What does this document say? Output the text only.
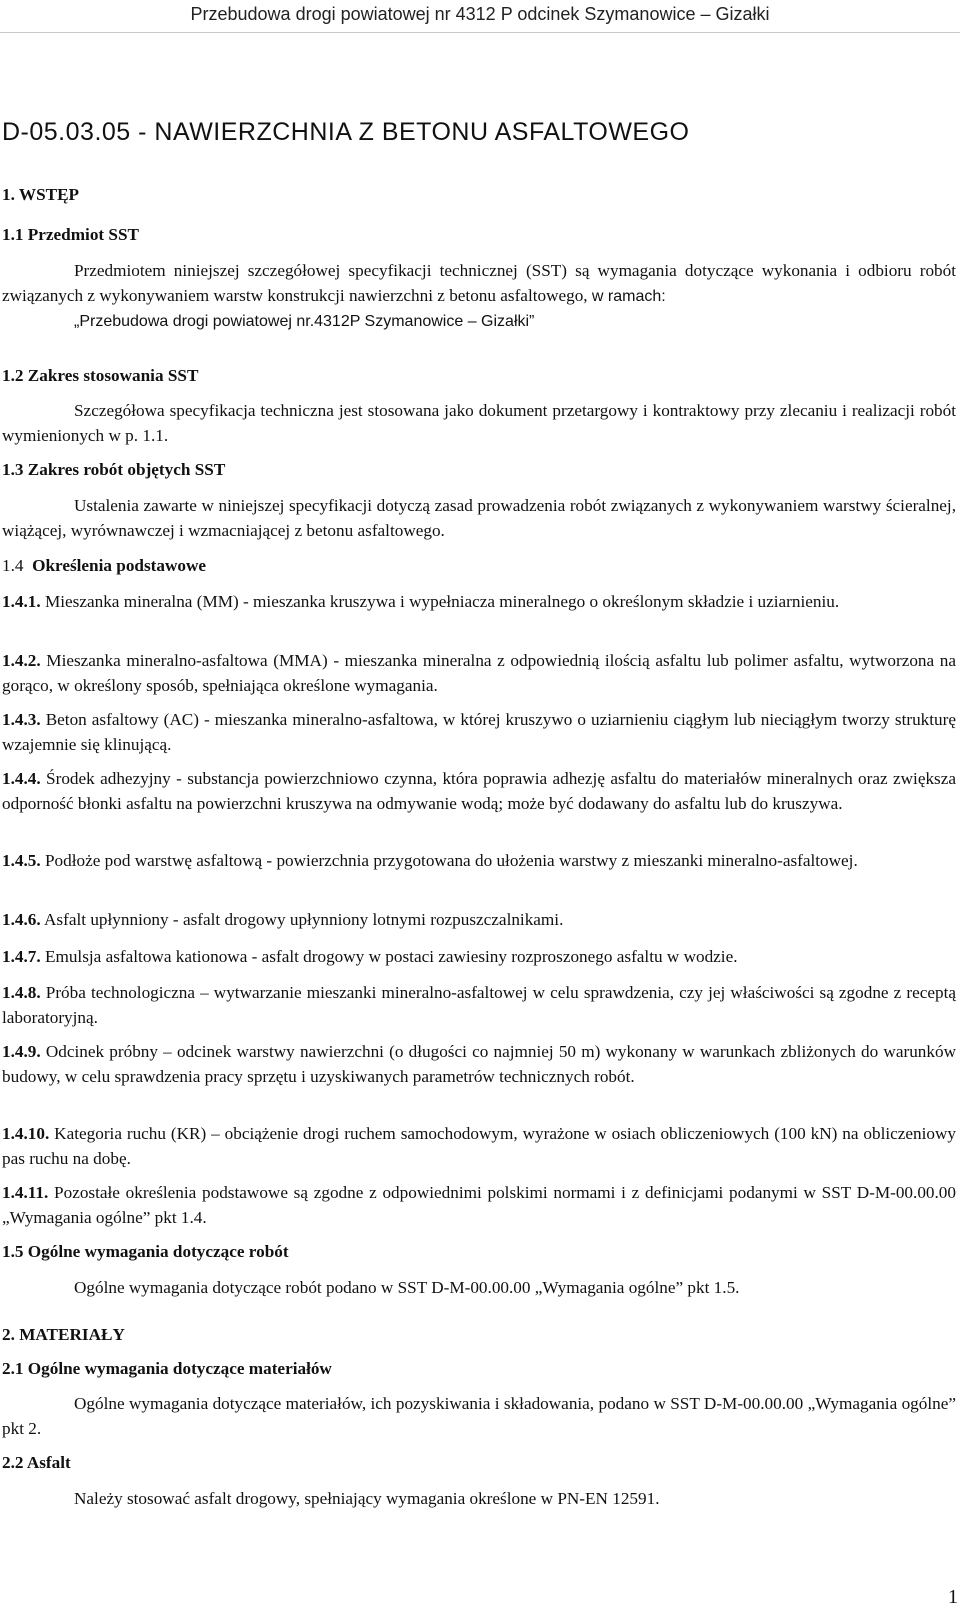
Przebudowa drogi powiatowej nr 4312 P odcinek Szymanowice – Gizałki
D-05.03.05 - NAWIERZCHNIA Z BETONU ASFALTOWEGO
1. WSTĘP
1.1 Przedmiot SST
Przedmiotem niniejszej szczegółowej specyfikacji technicznej (SST) są wymagania dotyczące wykonania i odbioru robót związanych z wykonywaniem warstw konstrukcji nawierzchni z betonu asfaltowego, w ramach:
„Przebudowa drogi powiatowej nr.4312P Szymanowice – Gizałki”
1.2 Zakres stosowania SST
Szczegółowa specyfikacja techniczna jest stosowana jako dokument przetargowy i kontraktowy przy zlecaniu i realizacji robót wymienionych w p. 1.1.
1.3 Zakres robót objętych SST
Ustalenia zawarte w niniejszej specyfikacji dotyczą zasad prowadzenia robót związanych z wykonywaniem warstwy ścieralnej, wiążącej, wyrównawczej i wzmacniającej z betonu asfaltowego.
1.4 Określenia podstawowe
1.4.1. Mieszanka mineralna (MM) - mieszanka kruszywa i wypełniacza mineralnego o określonym składzie i uziarnieniu.
1.4.2. Mieszanka mineralno-asfaltowa (MMA) - mieszanka mineralna z odpowiednią ilością asfaltu lub polimer asfaltu, wytworzona na gorąco, w określony sposób, spełniająca określone wymagania.
1.4.3. Beton asfaltowy (AC) - mieszanka mineralno-asfaltowa, w której kruszywo o uziarnieniu ciągłym lub nieciągłym tworzy strukturę wzajemnie się klinującą.
1.4.4. Środek adhezyjny - substancja powierzchniowo czynna, która poprawia adhezję asfaltu do materiałów mineralnych oraz zwiększa odporność błonki asfaltu na powierzchni kruszywa na odmywanie wodą; może być dodawany do asfaltu lub do kruszywa.
1.4.5. Podłoże pod warstwę asfaltową - powierzchnia przygotowana do ułożenia warstwy z mieszanki mineralno-asfaltowej.
1.4.6. Asfalt upłynniony - asfalt drogowy upłynniony lotnymi rozpuszczalnikami.
1.4.7. Emulsja asfaltowa kationowa - asfalt drogowy w postaci zawiesiny rozproszonego asfaltu w wodzie.
1.4.8. Próba technologiczna – wytwarzanie mieszanki mineralno-asfaltowej w celu sprawdzenia, czy jej właściwości są zgodne z receptą laboratoryjną.
1.4.9. Odcinek próbny – odcinek warstwy nawierzchni (o długości co najmniej 50 m) wykonany w warunkach zbliżonych do warunków budowy, w celu sprawdzenia pracy sprzętu i uzyskiwanych parametrów technicznych robót.
1.4.10. Kategoria ruchu (KR) – obciążenie drogi ruchem samochodowym, wyrażone w osiach obliczeniowych (100 kN) na obliczeniowy pas ruchu na dobę.
1.4.11. Pozostałe określenia podstawowe są zgodne z odpowiednimi polskimi normami i z definicjami podanymi w SST D-M-00.00.00 „Wymagania ogólne” pkt 1.4.
1.5 Ogólne wymagania dotyczące robót
Ogólne wymagania dotyczące robót podano w SST D-M-00.00.00 „Wymagania ogólne” pkt 1.5.
2. MATERIAŁY
2.1 Ogólne wymagania dotyczące materiałów
Ogólne wymagania dotyczące materiałów, ich pozyskiwania i składowania, podano w SST D-M-00.00.00 „Wymagania ogólne” pkt 2.
2.2 Asfalt
Należy stosować asfalt drogowy, spełniający wymagania określone w PN-EN 12591.
1
